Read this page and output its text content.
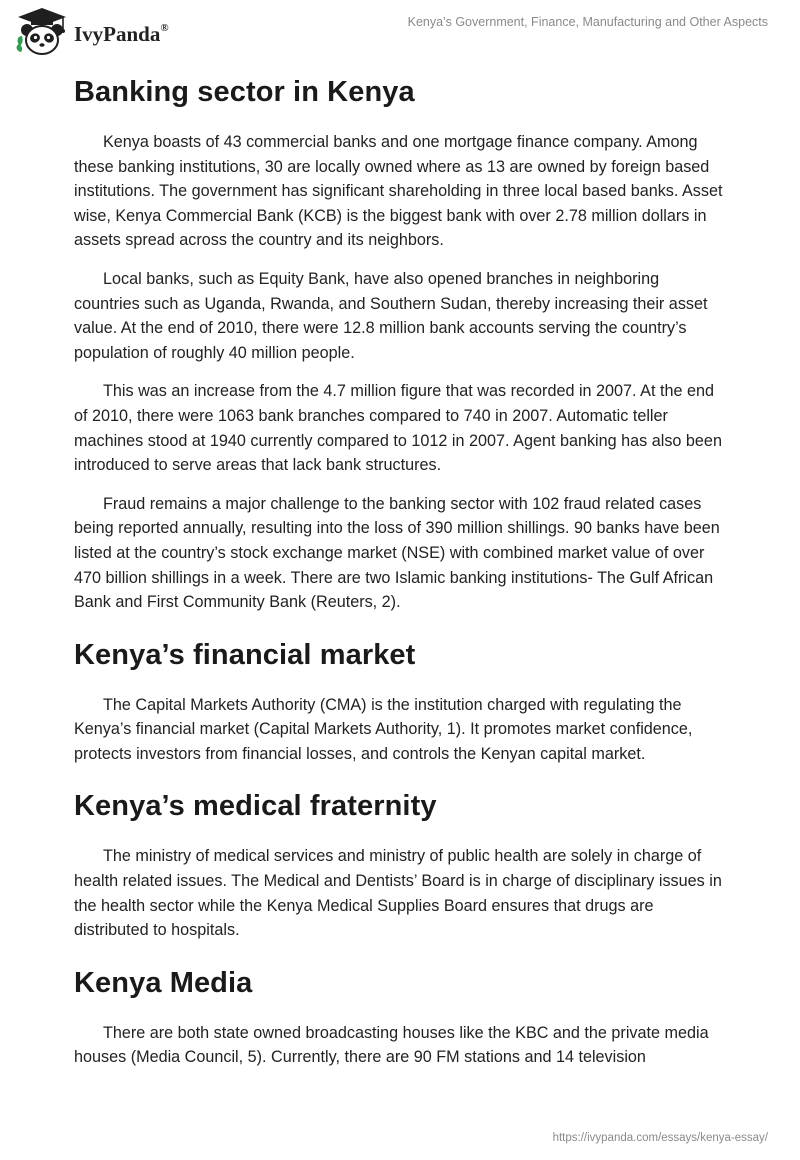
IvyPanda®	Kenya’s Government, Finance, Manufacturing and Other Aspects
Banking sector in Kenya

Kenya boasts of 43 commercial banks and one mortgage finance company. Among these banking institutions, 30 are locally owned where as 13 are owned by foreign based institutions. The government has significant shareholding in three local based banks. Asset wise, Kenya Commercial Bank (KCB) is the biggest bank with over 2.78 million dollars in assets spread across the country and its neighbors.

Local banks, such as Equity Bank, have also opened branches in neighboring countries such as Uganda, Rwanda, and Southern Sudan, thereby increasing their asset value. At the end of 2010, there were 12.8 million bank accounts serving the country’s population of roughly 40 million people.

This was an increase from the 4.7 million figure that was recorded in 2007. At the end of 2010, there were 1063 bank branches compared to 740 in 2007. Automatic teller machines stood at 1940 currently compared to 1012 in 2007. Agent banking has also been introduced to serve areas that lack bank structures.

Fraud remains a major challenge to the banking sector with 102 fraud related cases being reported annually, resulting into the loss of 390 million shillings. 90 banks have been listed at the country’s stock exchange market (NSE) with combined market value of over 470 billion shillings in a week. There are two Islamic banking institutions- The Gulf African Bank and First Community Bank (Reuters, 2).

Kenya’s financial market

The Capital Markets Authority (CMA) is the institution charged with regulating the Kenya’s financial market (Capital Markets Authority, 1). It promotes market confidence, protects investors from financial losses, and controls the Kenyan capital market.

Kenya’s medical fraternity

The ministry of medical services and ministry of public health are solely in charge of health related issues. The Medical and Dentists’ Board is in charge of disciplinary issues in the health sector while the Kenya Medical Supplies Board ensures that drugs are distributed to hospitals.

Kenya Media

There are both state owned broadcasting houses like the KBC and the private media houses (Media Council, 5). Currently, there are 90 FM stations and 14 television

https://ivypanda.com/essays/kenya-essay/
